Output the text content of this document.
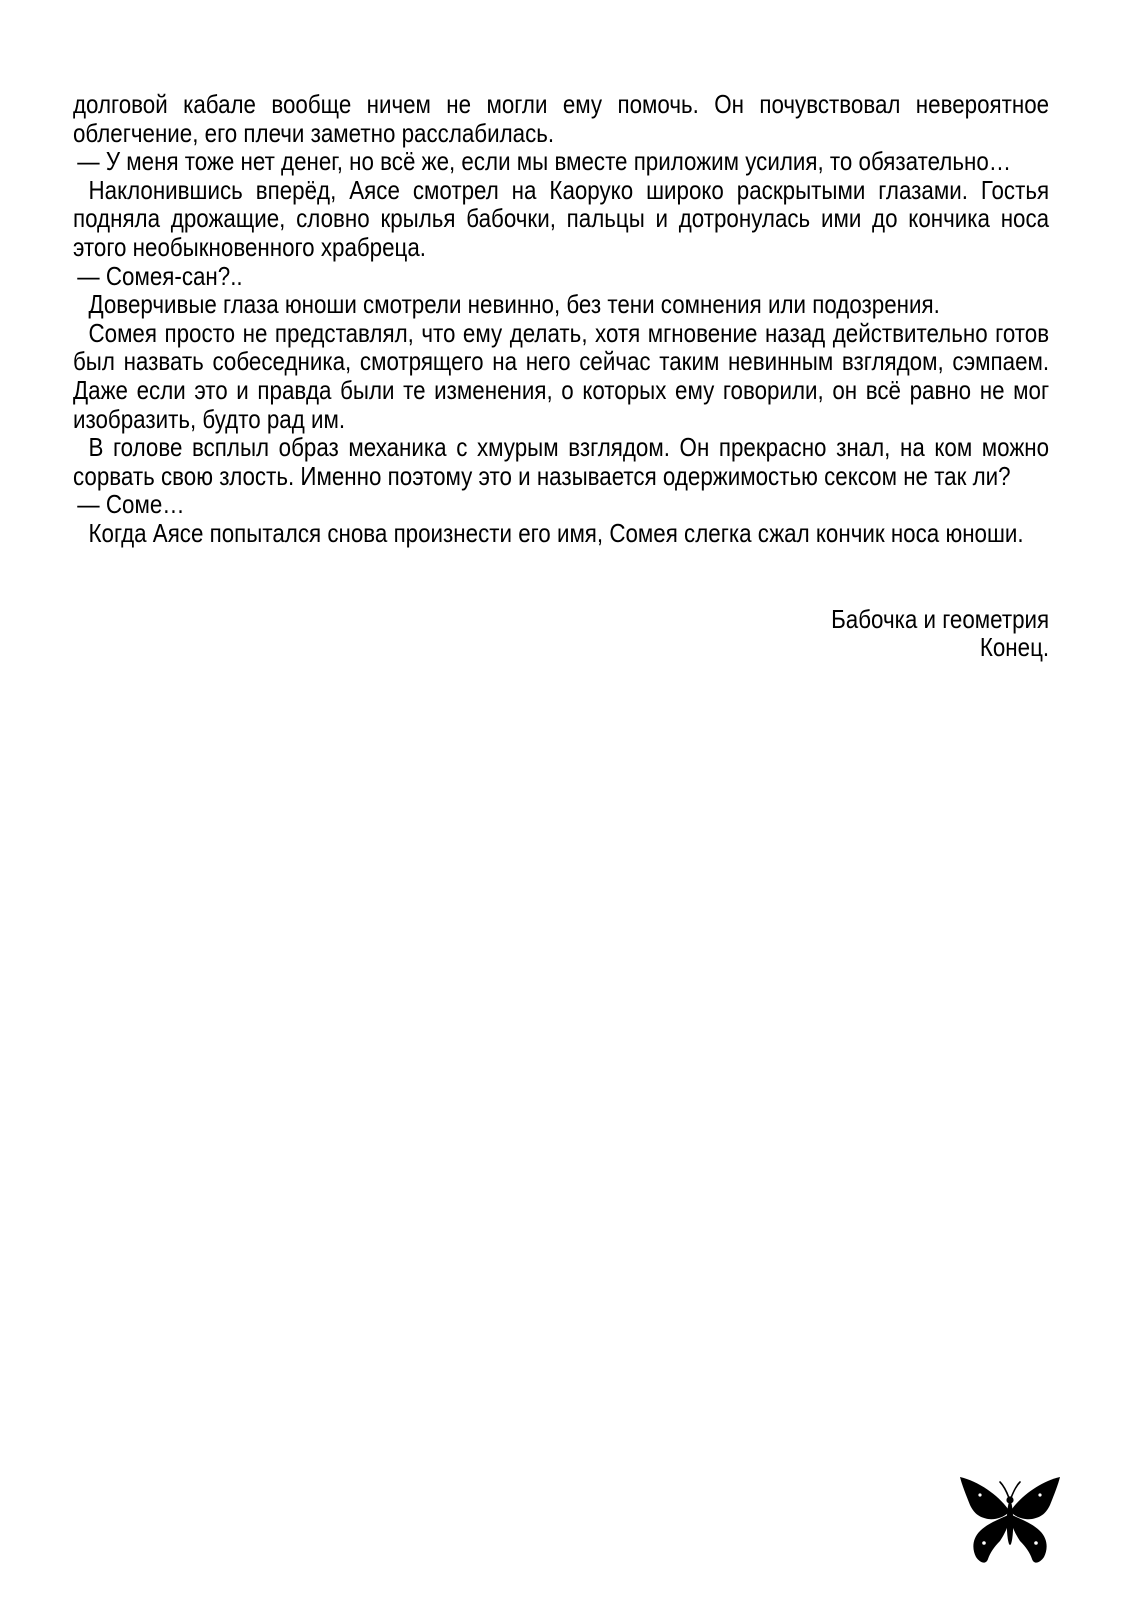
долговой кабале вообще ничем не могли ему помочь. Он почувствовал невероятное облегчение, его плечи заметно расслабилась.

— У меня тоже нет денег, но всё же, если мы вместе приложим усилия, то обязательно…

Наклонившись вперёд, Аясе смотрел на Каоруко широко раскрытыми глазами. Гостья подняла дрожащие, словно крылья бабочки, пальцы и дотронулась ими до кончика носа этого необыкновенного храбреца.

— Сомея-сан?..

Доверчивые глаза юноши смотрели невинно, без тени сомнения или подозрения.

Сомея просто не представлял, что ему делать, хотя мгновение назад действительно готов был назвать собеседника, смотрящего на него сейчас таким невинным взглядом, сэмпаем. Даже если это и правда были те изменения, о которых ему говорили, он всё равно не мог изобразить, будто рад им.

В голове всплыл образ механика с хмурым взглядом. Он прекрасно знал, на ком можно сорвать свою злость. Именно поэтому это и называется одержимостью сексом не так ли?

— Соме…

Когда Аясе попытался снова произнести его имя, Сомея слегка сжал кончик носа юноши.

Бабочка и геометрия
Конец.
